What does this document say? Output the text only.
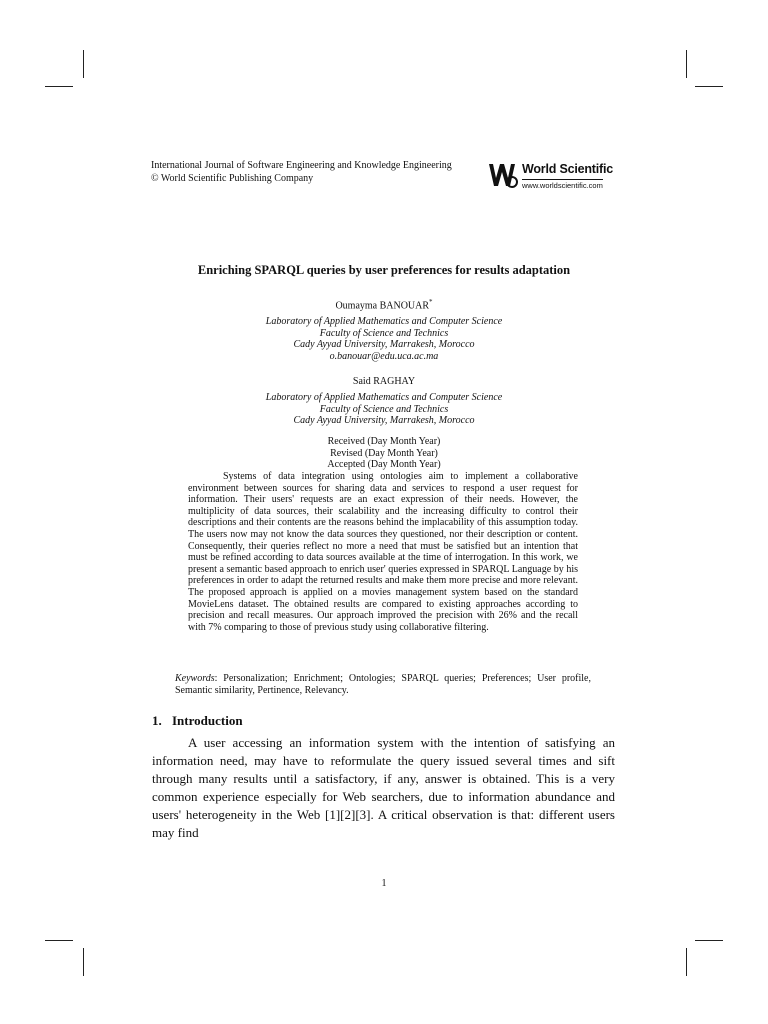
International Journal of Software Engineering and Knowledge Engineering
© World Scientific Publishing Company
World Scientific
www.worldscientific.com
Enriching SPARQL queries by user preferences for results adaptation
Oumayma BANOUAR*
Laboratory of Applied Mathematics and Computer Science
Faculty of Science and Technics
Cady Ayyad University, Marrakesh, Morocco
o.banouar@edu.uca.ac.ma
Said RAGHAY
Laboratory of Applied Mathematics and Computer Science
Faculty of Science and Technics
Cady Ayyad University, Marrakesh, Morocco
Received (Day Month Year)
Revised (Day Month Year)
Accepted (Day Month Year)

Systems of data integration using ontologies aim to implement a collaborative environment between sources for sharing data and services to respond a user request for information. Their users' requests are an exact expression of their needs. However, the multiplicity of data sources, their scalability and the increasing difficulty to control their descriptions and their contents are the reasons behind the implacability of this assumption today. The users now may not know the data sources they questioned, nor their description or content. Consequently, their queries reflect no more a need that must be satisfied but an intention that must be refined according to data sources available at the time of interrogation. In this work, we present a semantic based approach to enrich user' queries expressed in SPARQL Language by his preferences in order to adapt the returned results and make them more precise and more relevant. The proposed approach is applied on a movies management system based on the standard MovieLens dataset. The obtained results are compared to existing approaches according to precision and recall measures. Our approach improved the precision with 26% and the recall with 7% comparing to those of previous study using collaborative filtering.

Keywords: Personalization; Enrichment; Ontologies; SPARQL queries; Preferences; User profile, Semantic similarity, Pertinence, Relevancy.
1. Introduction

A user accessing an information system with the intention of satisfying an information need, may have to reformulate the query issued several times and sift through many results until a satisfactory, if any, answer is obtained. This is a very common experience especially for Web searchers, due to information abundance and users' heterogeneity in the Web [1][2][3]. A critical observation is that: different users may find

1
